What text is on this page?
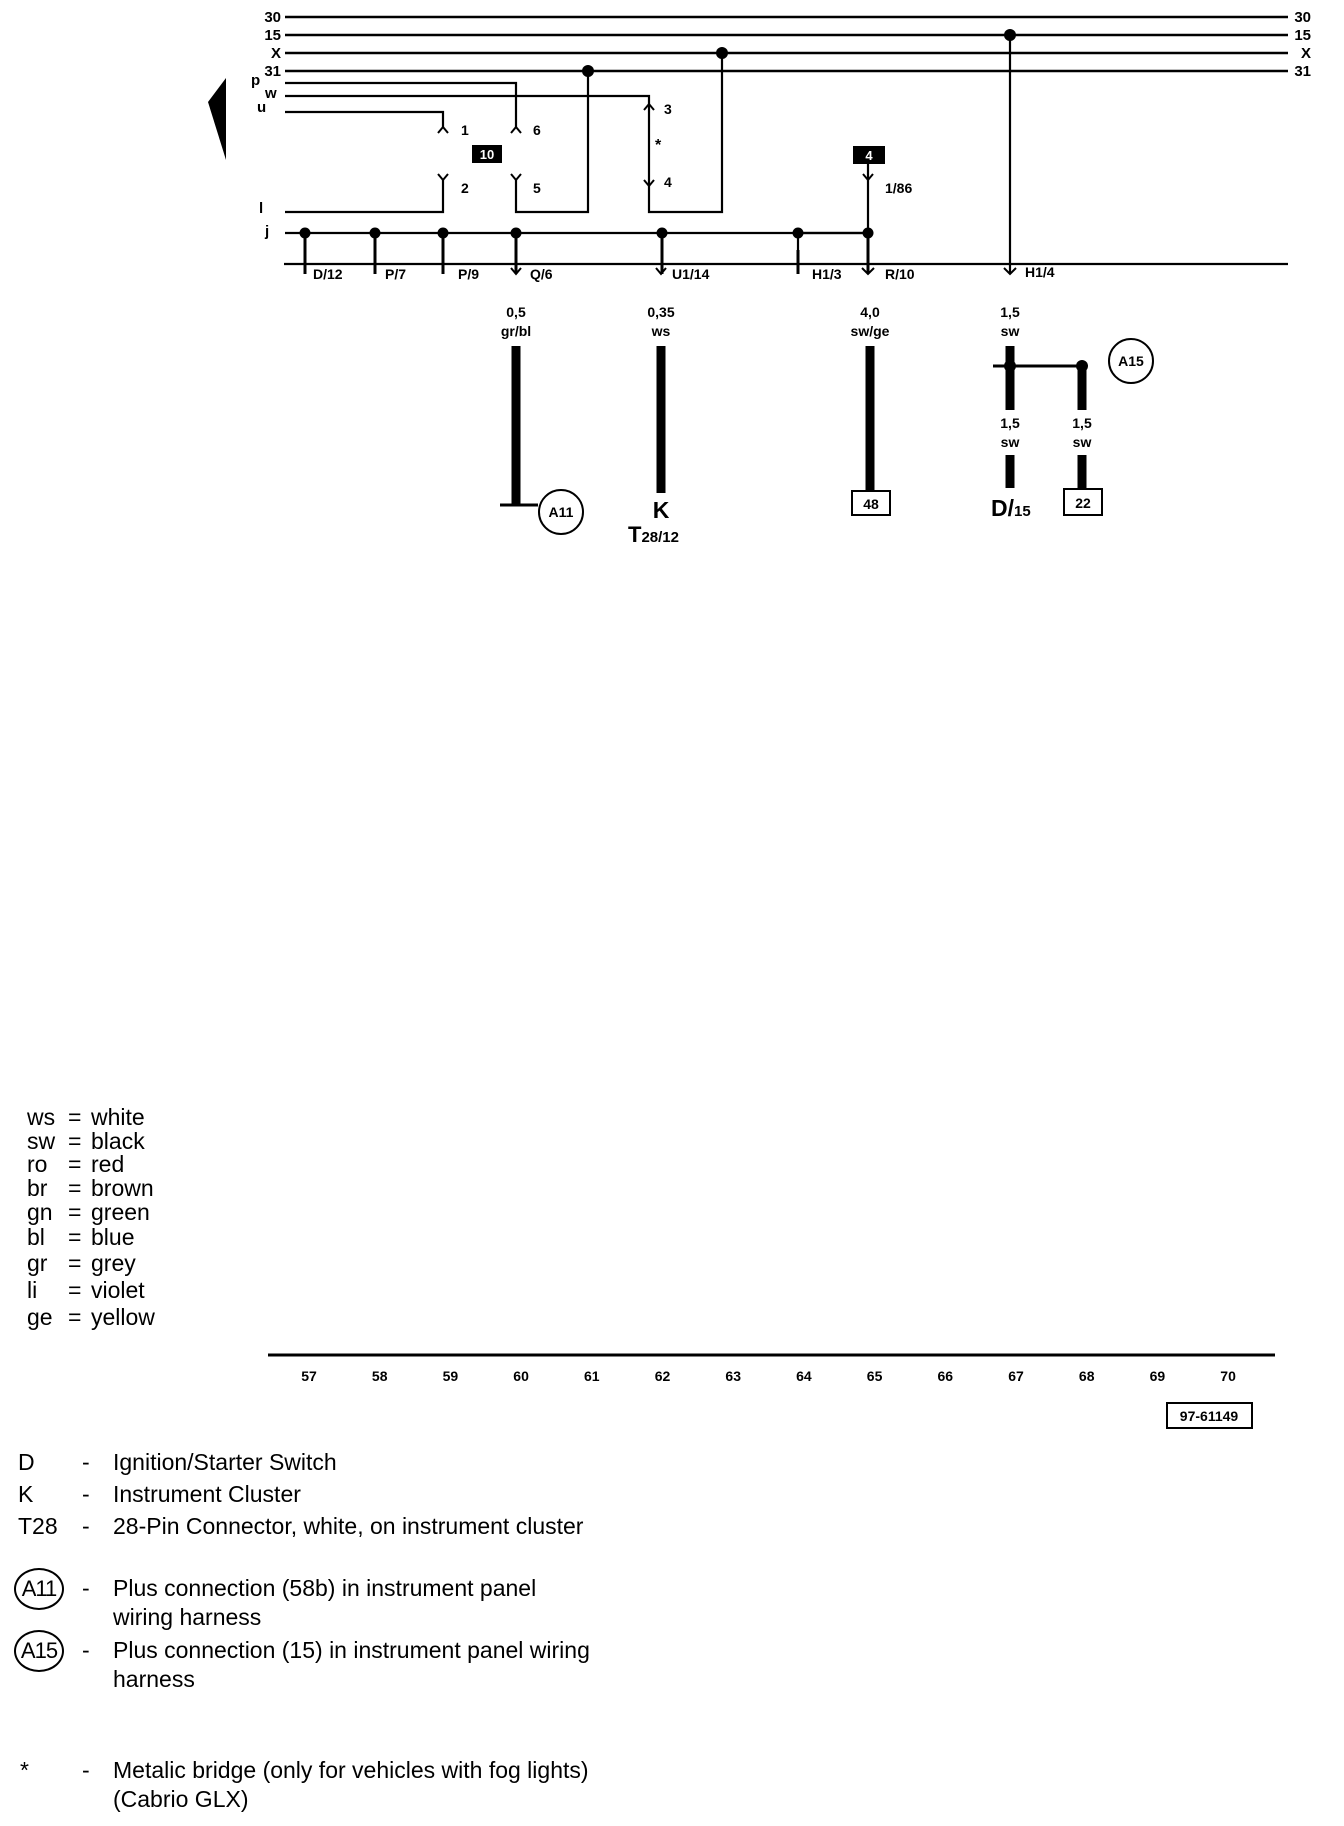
30
15
X
31
30
15
X
31
p
w
u
l
j
10	4
1
2
6
5
3
4	1/86
*
D/12	P/7	P/9	Q/6	U1/14	H1/3	R/10	H1/4
0,5
gr/bl
0,35
ws
4,0
sw/ge
1,5
sw
1,5
sw
1,5
sw
A11
A15
K
T28/12
48	D/15	22
57	58	59	60	61	62	63	64	65	66	67	68	69	70
97-61149
ws = white
sw = black
ro = red
br = brown
gn = green
bl = blue
gr = grey
li = violet
ge = yellow
D - Ignition/Starter Switch
K - Instrument Cluster
T28 - 28-Pin Connector, white, on instrument cluster
A11	- Plus connection (58b) in instrument panel
wiring harness
A15	- Plus connection (15) in instrument panel wiring
harness
* - Metalic bridge (only for vehicles with fog lights)
(Cabrio GLX)
